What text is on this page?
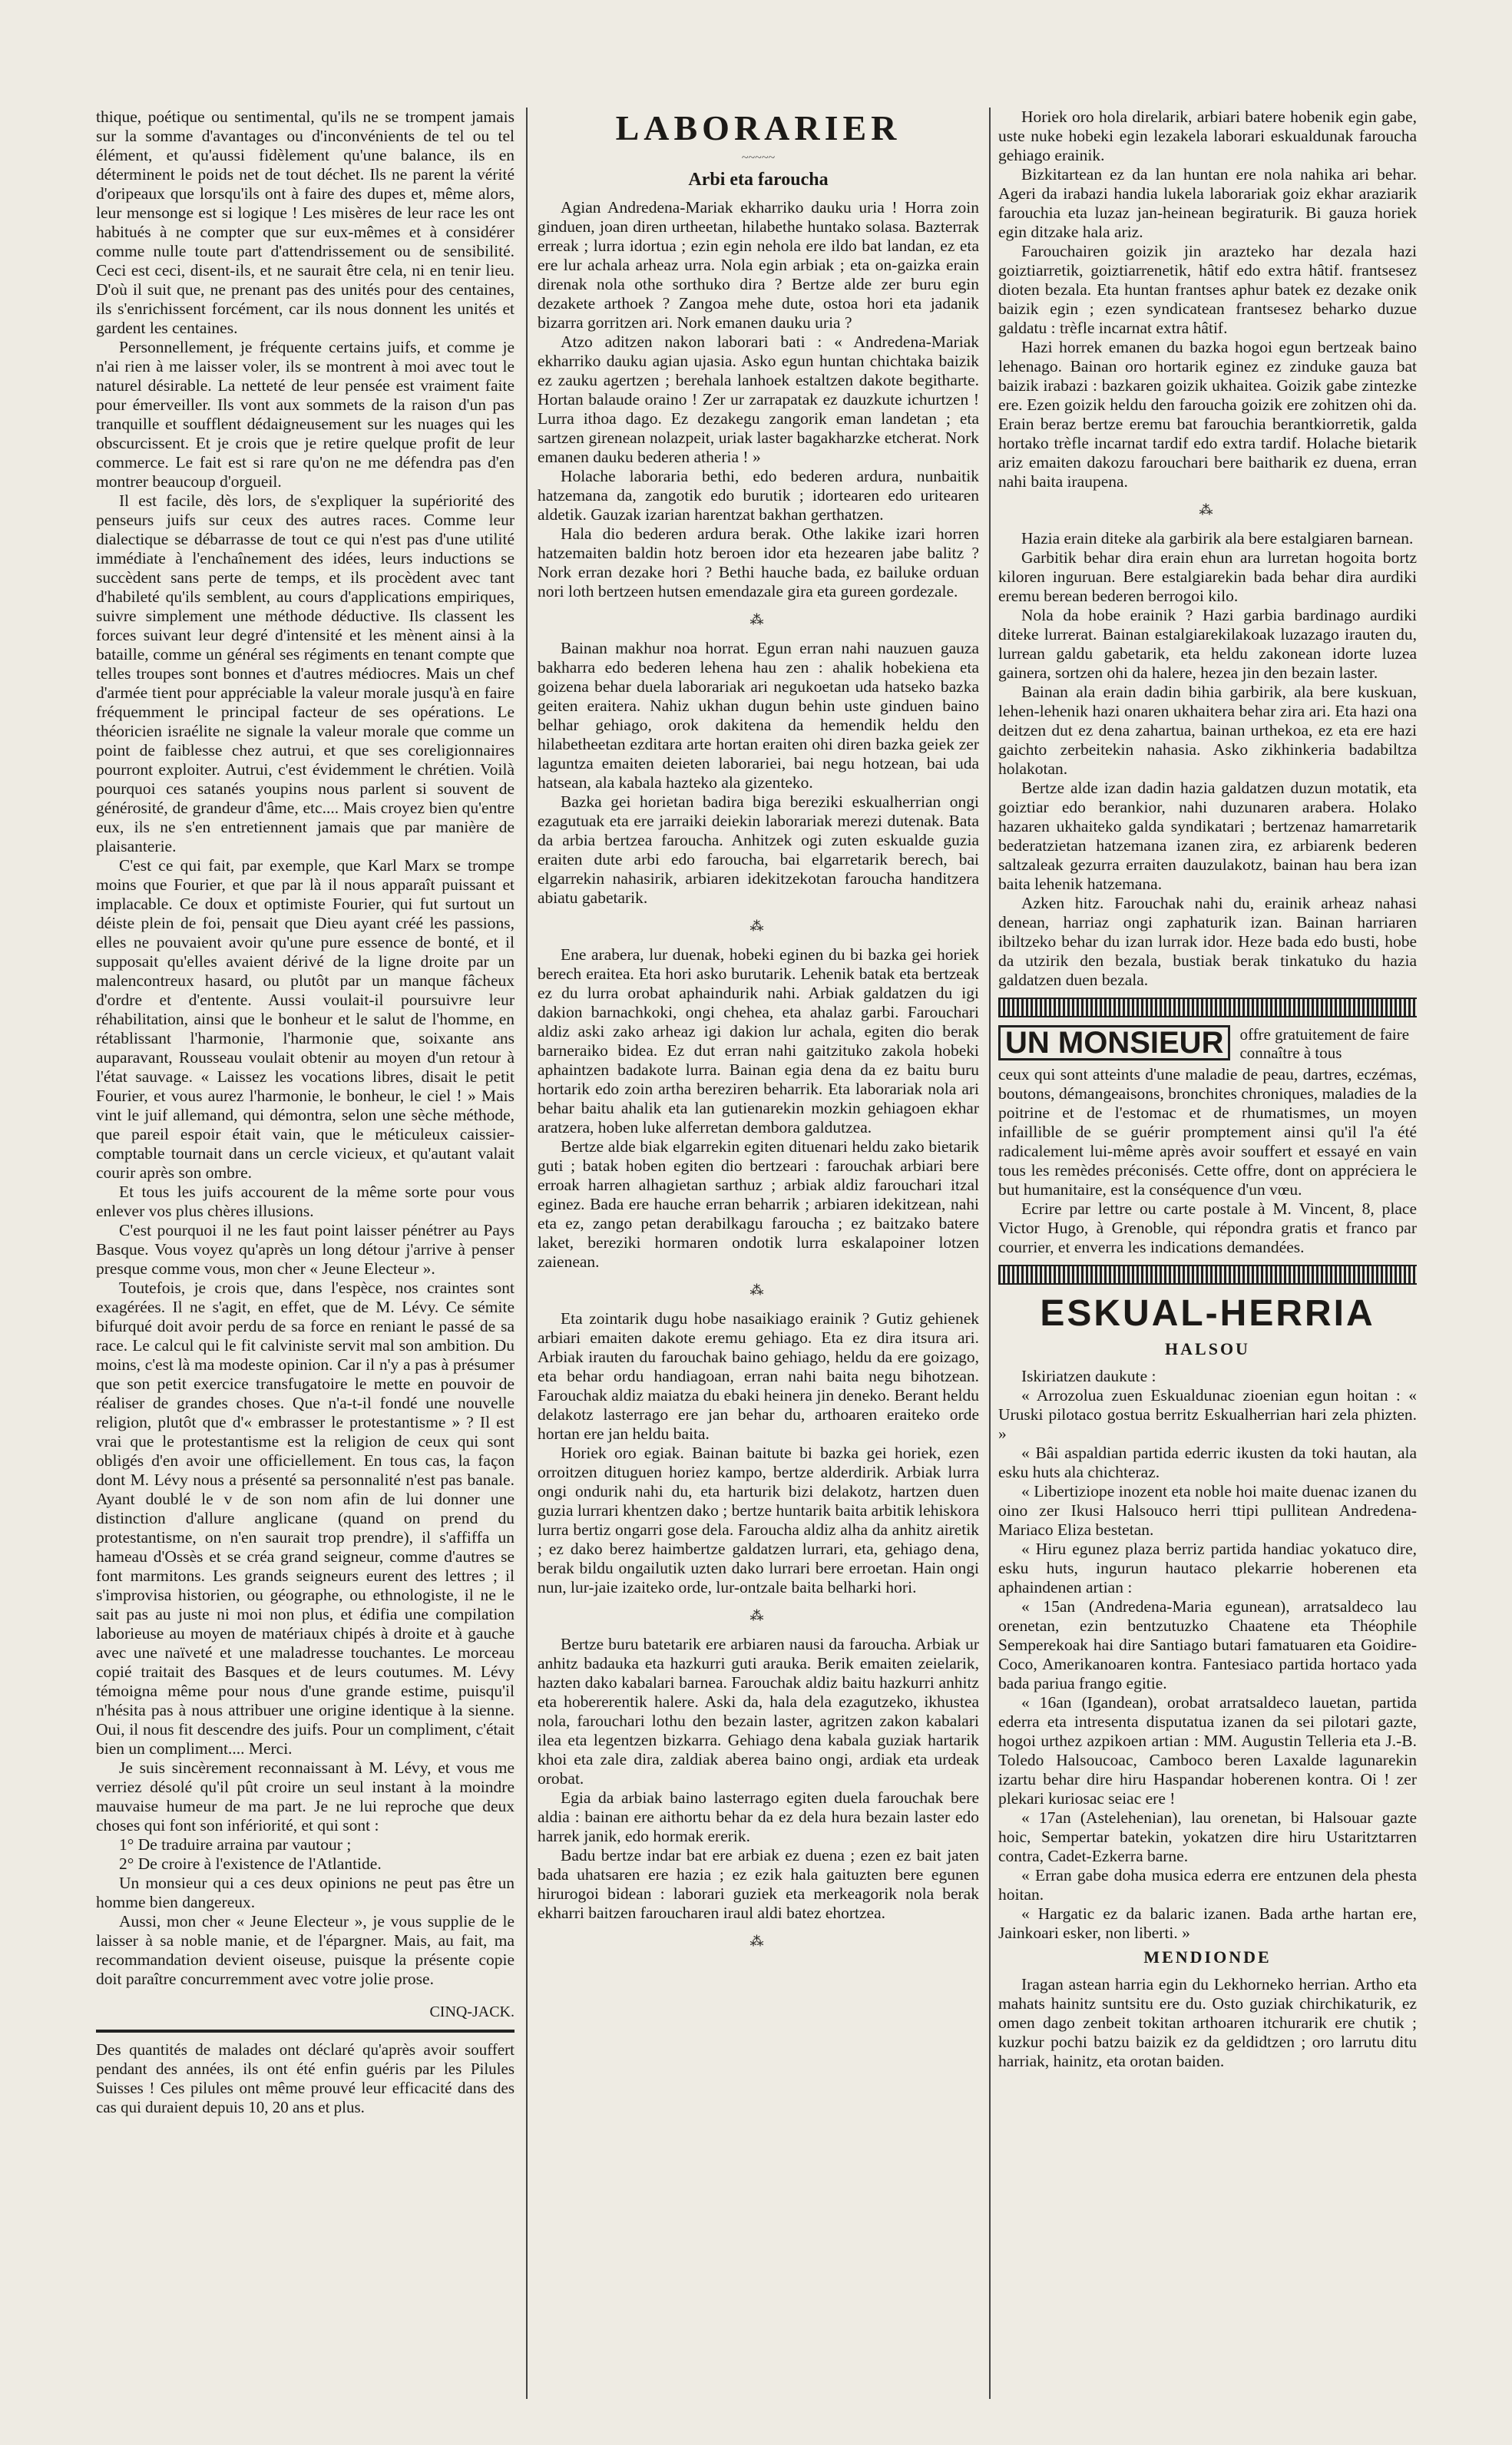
thique, poétique ou sentimental, qu'ils ne se trompent jamais sur la somme d'avantages ou d'inconvénients de tel ou tel élément, et qu'aussi fidèlement qu'une balance, ils en déterminent le poids net de tout déchet. Ils ne parent la vérité d'oripeaux que lorsqu'ils ont à faire des dupes et, même alors, leur mensonge est si logique ! Les misères de leur race les ont habitués à ne compter que sur eux-mêmes et à considérer comme nulle toute part d'attendrissement ou de sensibilité. Ceci est ceci, disent-ils, et ne saurait être cela, ni en tenir lieu. D'où il suit que, ne prenant pas des unités pour des centaines, ils s'enrichissent forcément, car ils nous donnent les unités et gardent les centaines.

Personnellement, je fréquente certains juifs, et comme je n'ai rien à me laisser voler, ils se montrent à moi avec tout le naturel désirable. La netteté de leur pensée est vraiment faite pour émerveiller. Ils vont aux sommets de la raison d'un pas tranquille et soufflent dédaigneusement sur les nuages qui les obscurcissent. Et je crois que je retire quelque profit de leur commerce. Le fait est si rare qu'on ne me défendra pas d'en montrer beaucoup d'orgueil.

Il est facile, dès lors, de s'expliquer la supériorité des penseurs juifs sur ceux des autres races. Comme leur dialectique se débarrasse de tout ce qui n'est pas d'une utilité immédiate à l'enchaînement des idées, leurs inductions se succèdent sans perte de temps, et ils procèdent avec tant d'habileté qu'ils semblent, au cours d'applications empiriques, suivre simplement une méthode déductive. Ils classent les forces suivant leur degré d'intensité et les mènent ainsi à la bataille, comme un général ses régiments en tenant compte que telles troupes sont bonnes et d'autres médiocres. Mais un chef d'armée tient pour appréciable la valeur morale jusqu'à en faire fréquemment le principal facteur de ses opérations. Le théoricien israélite ne signale la valeur morale que comme un point de faiblesse chez autrui, et que ses coreligionnaires pourront exploiter. Autrui, c'est évidemment le chrétien. Voilà pourquoi ces satanés youpins nous parlent si souvent de générosité, de grandeur d'âme, etc.... Mais croyez bien qu'entre eux, ils ne s'en entretiennent jamais que par manière de plaisanterie.

C'est ce qui fait, par exemple, que Karl Marx se trompe moins que Fourier, et que par là il nous apparaît puissant et implacable. Ce doux et optimiste Fourier, qui fut surtout un déiste plein de foi, pensait que Dieu ayant créé les passions, elles ne pouvaient avoir qu'une pure essence de bonté, et il supposait qu'elles avaient dérivé de la ligne droite par un malencontreux hasard, ou plutôt par un manque fâcheux d'ordre et d'entente. Aussi voulait-il poursuivre leur réhabilitation, ainsi que le bonheur et le salut de l'homme, en rétablissant l'harmonie, l'harmonie que, soixante ans auparavant, Rousseau voulait obtenir au moyen d'un retour à l'état sauvage. « Laissez les vocations libres, disait le petit Fourier, et vous aurez l'harmonie, le bonheur, le ciel ! » Mais vint le juif allemand, qui démontra, selon une sèche méthode, que pareil espoir était vain, que le méticuleux caissier-comptable tournait dans un cercle vicieux, et qu'autant valait courir après son ombre.

Et tous les juifs accourent de la même sorte pour vous enlever vos plus chères illusions.

C'est pourquoi il ne les faut point laisser pénétrer au Pays Basque. Vous voyez qu'après un long détour j'arrive à penser presque comme vous, mon cher « Jeune Electeur ».

Toutefois, je crois que, dans l'espèce, nos craintes sont exagérées. Il ne s'agit, en effet, que de M. Lévy. Ce sémite bifurqué doit avoir perdu de sa force en reniant le passé de sa race. Le calcul qui le fit calviniste servit mal son ambition. Du moins, c'est là ma modeste opinion. Car il n'y a pas à présumer que son petit exercice transfugatoire le mette en pouvoir de réaliser de grandes choses. Que n'a-t-il fondé une nouvelle religion, plutôt que d'« embrasser le protestantisme » ? Il est vrai que le protestantisme est la religion de ceux qui sont obligés d'en avoir une officiellement. En tous cas, la façon dont M. Lévy nous a présenté sa personnalité n'est pas banale. Ayant doublé le v de son nom afin de lui donner une distinction d'allure anglicane (quand on prend du protestantisme, on n'en saurait trop prendre), il s'affiffa un hameau d'Ossès et se créa grand seigneur, comme d'autres se font marmitons. Les grands seigneurs eurent des lettres ; il s'improvisa historien, ou géographe, ou ethnologiste, il ne le sait pas au juste ni moi non plus, et édifia une compilation laborieuse au moyen de matériaux chipés à droite et à gauche avec une naïveté et une maladresse touchantes. Le morceau copié traitait des Basques et de leurs coutumes. M. Lévy témoigna même pour nous d'une grande estime, puisqu'il n'hésita pas à nous attribuer une origine identique à la sienne. Oui, il nous fit descendre des juifs. Pour un compliment, c'était bien un compliment.... Merci.

Je suis sincèrement reconnaissant à M. Lévy, et vous me verriez désolé qu'il pût croire un seul instant à la moindre mauvaise humeur de ma part. Je ne lui reproche que deux choses qui font son infériorité, et qui sont :

1° De traduire arraina par vautour ;

2° De croire à l'existence de l'Atlantide.

Un monsieur qui a ces deux opinions ne peut pas être un homme bien dangereux.

Aussi, mon cher « Jeune Electeur », je vous supplie de le laisser à sa noble manie, et de l'épargner. Mais, au fait, ma recommandation devient oiseuse, puisque la présente copie doit paraître concurremment avec votre jolie prose.

CINQ-JACK.

Des quantités de malades ont déclaré qu'après avoir souffert pendant des années, ils ont été enfin guéris par les Pilules Suisses ! Ces pilules ont même prouvé leur efficacité dans des cas qui duraient depuis 10, 20 ans et plus.

LABORARIER
~~~~~
Arbi eta faroucha

Agian Andredena-Mariak ekharriko dauku uria ! Horra zoin ginduen, joan diren urtheetan, hilabethe huntako solasa. Bazterrak erreak ; lurra idortua ; ezin egin nehola ere ildo bat landan, ez eta ere lur achala arheaz urra. Nola egin arbiak ; eta on-gaizka erain direnak nola othe sorthuko dira ? Bertze alde zer buru egin dezakete arthoek ? Zangoa mehe dute, ostoa hori eta jadanik bizarra gorritzen ari. Nork emanen dauku uria ?

Atzo aditzen nakon laborari bati : « Andredena-Mariak ekharriko dauku agian ujasia. Asko egun huntan chichtaka baizik ez zauku agertzen ; berehala lanhoek estaltzen dakote begitharte. Hortan balaude oraino ! Zer ur zarrapatak ez dauzkute ichurtzen ! Lurra ithoa dago. Ez dezakegu zangorik eman landetan ; eta sartzen girenean nolazpeit, uriak laster bagakharzke etcherat. Nork emanen dauku bederen atheria ! »

Holache laboraria bethi, edo bederen ardura, nunbaitik hatzemana da, zangotik edo burutik ; idortearen edo uritearen aldetik. Gauzak izarian harentzat bakhan gerthatzen.

Hala dio bederen ardura berak. Othe lakike izari horren hatzemaiten baldin hotz beroen idor eta hezearen jabe balitz ? Nork erran dezake hori ? Bethi hauche bada, ez bailuke orduan nori loth bertzeen hutsen emendazale gira eta gureen gordezale.

⁂

Bainan makhur noa horrat. Egun erran nahi nauzuen gauza bakharra edo bederen lehena hau zen : ahalik hobekiena eta goizena behar duela laborariak ari negukoetan uda hatseko bazka geiten eraitera. Nahiz ukhan dugun behin uste ginduen baino belhar gehiago, orok dakitena da hemendik heldu den hilabetheetan ezditara arte hortan eraiten ohi diren bazka geiek zer laguntza emaiten deieten laborariei, bai negu hotzean, bai uda hatsean, ala kabala hazteko ala gizenteko.

Bazka gei horietan badira biga bereziki eskualherrian ongi ezagutuak eta ere jarraiki deiekin laborariak merezi dutenak. Bata da arbia bertzea faroucha. Anhitzek ogi zuten eskualde guzia eraiten dute arbi edo faroucha, bai elgarretarik berech, bai elgarrekin nahasirik, arbiaren idekitzekotan faroucha handitzera abiatu gabetarik.

⁂

Ene arabera, lur duenak, hobeki eginen du bi bazka gei horiek berech eraitea. Eta hori asko burutarik. Lehenik batak eta bertzeak ez du lurra orobat aphaindurik nahi. Arbiak galdatzen du igi dakion barnachkoki, ongi chehea, eta ahalaz garbi. Farouchari aldiz aski zako arheaz igi dakion lur achala, egiten dio berak barneraiko bidea. Ez dut erran nahi gaitzituko zakola hobeki aphaintzen badakote lurra. Bainan egia dena da ez baitu buru hortarik edo zoin artha bereziren beharrik. Eta laborariak nola ari behar baitu ahalik eta lan gutienarekin mozkin gehiagoen ekhar aratzera, hoben luke alferretan dembora galdutzea.

Bertze alde biak elgarrekin egiten dituenari heldu zako bietarik guti ; batak hoben egiten dio bertzeari : farouchak arbiari bere erroak harren alhagietan sarthuz ; arbiak aldiz farouchari itzal eginez. Bada ere hauche erran beharrik ; arbiaren idekitzean, nahi eta ez, zango petan derabilkagu faroucha ; ez baitzako batere laket, bereziki hormaren ondotik lurra eskalapoiner lotzen zaienean.

⁂

Eta zointarik dugu hobe nasaikiago erainik ? Gutiz gehienek arbiari emaiten dakote eremu gehiago. Eta ez dira itsura ari. Arbiak irauten du farouchak baino gehiago, heldu da ere goizago, eta behar ordu handiagoan, erran nahi baita negu bihotzean. Farouchak aldiz maiatza du ebaki heinera jin deneko. Berant heldu delakotz lasterrago ere jan behar du, arthoaren eraiteko orde hortan ere jan heldu baita.

Horiek oro egiak. Bainan baitute bi bazka gei horiek, ezen orroitzen dituguen horiez kampo, bertze alderdirik. Arbiak lurra ongi ondurik nahi du, eta harturik bizi delakotz, hartzen duen guzia lurrari khentzen dako ; bertze huntarik baita arbitik lehiskora lurra bertiz ongarri gose dela. Faroucha aldiz alha da anhitz airetik ; ez dako berez haimbertze galdatzen lurrari, eta, gehiago dena, berak bildu ongailutik uzten dako lurrari bere erroetan. Hain ongi nun, lur-jaie izaiteko orde, lur-ontzale baita belharki hori.

⁂

Bertze buru batetarik ere arbiaren nausi da faroucha. Arbiak ur anhitz badauka eta hazkurri guti arauka. Berik emaiten zeielarik, hazten dako kabalari barnea. Farouchak aldiz baitu hazkurri anhitz eta hobererentik halere. Aski da, hala dela ezagutzeko, ikhustea nola, farouchari lothu den bezain laster, agritzen zakon kabalari ilea eta legentzen bizkarra. Gehiago dena kabala guziak hartarik khoi eta zale dira, zaldiak aberea baino ongi, ardiak eta urdeak orobat.

Egia da arbiak baino lasterrago egiten duela farouchak bere aldia : bainan ere aithortu behar da ez dela hura bezain laster edo harrek janik, edo hormak ererik.

Badu bertze indar bat ere arbiak ez duena ; ezen ez bait jaten bada uhatsaren ere hazia ; ez ezik hala gaituzten bere egunen hirurogoi bidean : laborari guziek eta merkeagorik nola berak ekharri baitzen faroucharen iraul aldi batez ehortzea.

⁂

Horiek oro hola direlarik, arbiari batere hobenik egin gabe, uste nuke hobeki egin lezakela laborari eskualdunak faroucha gehiago erainik.

Bizkitartean ez da lan huntan ere nola nahika ari behar. Ageri da irabazi handia lukela laborariak goiz ekhar araziarik farouchia eta luzaz jan-heinean begiraturik. Bi gauza horiek egin ditzake hala ariz.

Farouchairen goizik jin arazteko har dezala hazi goiztiarretik, goiztiarrenetik, hâtif edo extra hâtif. frantsesez dioten bezala. Eta huntan frantses aphur batek ez dezake onik baizik egin ; ezen syndicatean frantsesez beharko duzue galdatu : trèfle incarnat extra hâtif.

Hazi horrek emanen du bazka hogoi egun bertzeak baino lehenago. Bainan oro hortarik eginez ez zinduke gauza bat baizik irabazi : bazkaren goizik ukhaitea. Goizik gabe zintezke ere. Ezen goizik heldu den faroucha goizik ere zohitzen ohi da. Erain beraz bertze eremu bat farouchia berantkiorretik, galda hortako trèfle incarnat tardif edo extra tardif. Holache bietarik ariz emaiten dakozu farouchari bere baitharik ez duena, erran nahi baita iraupena.

⁂

Hazia erain diteke ala garbirik ala bere estalgiaren barnean.

Garbitik behar dira erain ehun ara lurretan hogoita bortz kiloren inguruan. Bere estalgiarekin bada behar dira aurdiki eremu berean bederen berrogoi kilo.

Nola da hobe erainik ? Hazi garbia bardinago aurdiki diteke lurrerat. Bainan estalgiarekilakoak luzazago irauten du, lurrean galdu gabetarik, eta heldu zakonean idorte luzea gainera, sortzen ohi da halere, hezea jin den bezain laster.

Bainan ala erain dadin bihia garbirik, ala bere kuskuan, lehen-lehenik hazi onaren ukhaitera behar zira ari. Eta hazi ona deitzen dut ez dena zahartua, bainan urthekoa, ez eta ere hazi gaichto zerbeitekin nahasia. Asko zikhinkeria badabiltza holakotan.

Bertze alde izan dadin hazia galdatzen duzun motatik, eta goiztiar edo berankior, nahi duzunaren arabera. Holako hazaren ukhaiteko galda syndikatari ; bertzenaz hamarretarik bederatzietan hatzemana izanen zira, ez arbiarenk bederen saltzaleak gezurra erraiten dauzulakotz, bainan hau bera izan baita lehenik hatzemana.

Azken hitz. Farouchak nahi du, erainik arheaz nahasi denean, harriaz ongi zaphaturik izan. Bainan harriaren ibiltzeko behar du izan lurrak idor. Heze bada edo busti, hobe da utzirik den bezala, bustiak berak tinkatuko du hazia galdatzen duen bezala.

UN MONSIEUR	offre gratuitement de faire connaître à tous

ceux qui sont atteints d'une maladie de peau, dartres, eczémas, boutons, démangeaisons, bronchites chroniques, maladies de la poitrine et de l'estomac et de rhumatismes, un moyen infaillible de se guérir promptement ainsi qu'il l'a été radicalement lui-même après avoir souffert et essayé en vain tous les remèdes préconisés. Cette offre, dont on appréciera le but humanitaire, est la conséquence d'un vœu.

Ecrire par lettre ou carte postale à M. Vincent, 8, place Victor Hugo, à Grenoble, qui répondra gratis et franco par courrier, et enverra les indications demandées.

ESKUAL-HERRIA
HALSOU

Iskiriatzen daukute :

« Arrozolua zuen Eskualdunac zioenian egun hoitan : « Uruski pilotaco gostua berritz Eskualherrian hari zela phizten. »

« Bâi aspaldian partida ederric ikusten da toki hautan, ala esku huts ala chichteraz.

« Libertiziope inozent eta noble hoi maite duenac izanen du oino zer Ikusi Halsouco herri ttipi pullitean Andredena-Mariaco Eliza bestetan.

« Hiru egunez plaza berriz partida handiac yokatuco dire, esku huts, ingurun hautaco plekarrie hoberenen eta aphaindenen artian :

« 15an (Andredena-Maria egunean), arratsaldeco lau orenetan, ezin bentzutuzko Chaatene eta Théophile Semperekoak hai dire Santiago butari famatuaren eta Goidire-Coco, Amerikanoaren kontra. Fantesiaco partida hortaco yada bada pariua frango egitie.

« 16an (Igandean), orobat arratsaldeco lauetan, partida ederra eta intresenta disputatua izanen da sei pilotari gazte, hogoi urthez azpikoen artian : MM. Augustin Telleria eta J.-B. Toledo Halsoucoac, Camboco beren Laxalde lagunarekin izartu behar dire hiru Haspandar hoberenen kontra. Oi ! zer plekari kuriosac seiac ere !

« 17an (Astelehenian), lau orenetan, bi Halsouar gazte hoic, Sempertar batekin, yokatzen dire hiru Ustaritztarren contra, Cadet-Ezkerra barne.

« Erran gabe doha musica ederra ere entzunen dela phesta hoitan.

« Hargatic ez da balaric izanen. Bada arthe hartan ere, Jainkoari esker, non liberti. »

MENDIONDE

Iragan astean harria egin du Lekhorneko herrian. Artho eta mahats hainitz suntsitu ere du. Osto guziak chirchikaturik, ez omen dago zenbeit tokitan arthoaren itchurarik ere chutik ; kuzkur pochi batzu baizik ez da geldidtzen ; oro larrutu ditu harriak, hainitz, eta orotan baiden.
